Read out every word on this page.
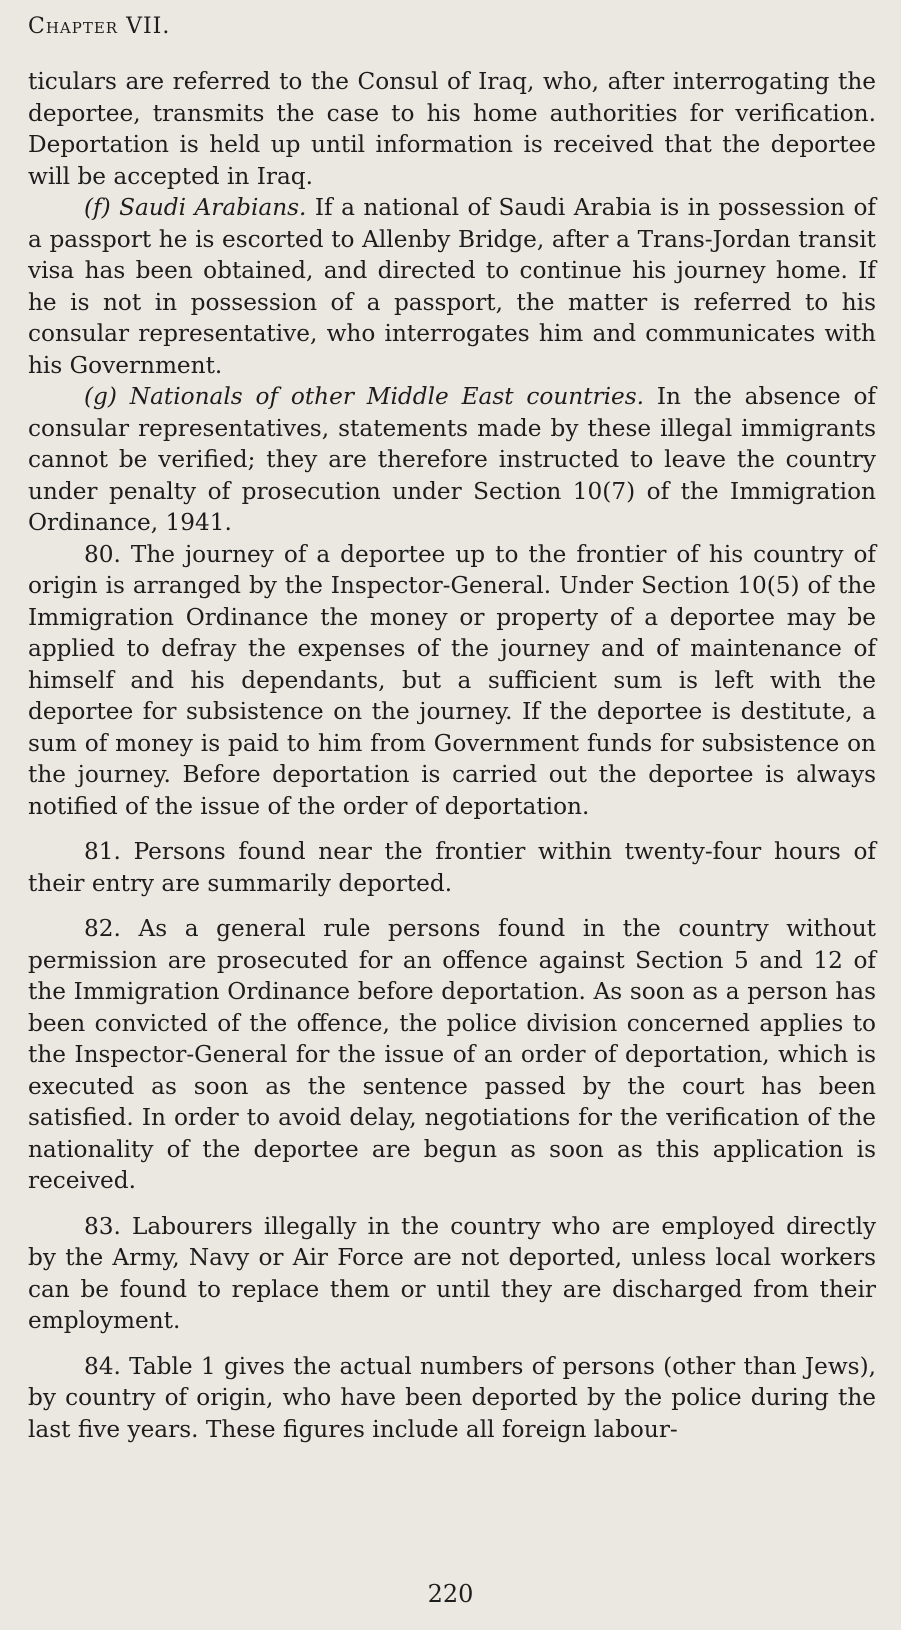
Chapter VII.

ticulars are referred to the Consul of Iraq, who, after interrogating the deportee, transmits the case to his home authorities for verification. Deportation is held up until information is received that the deportee will be accepted in Iraq.

(f) Saudi Arabians. If a national of Saudi Arabia is in possession of a passport he is escorted to Allenby Bridge, after a Trans-Jordan transit visa has been obtained, and directed to continue his journey home. If he is not in possession of a passport, the matter is referred to his consular representative, who interrogates him and communicates with his Government.

(g) Nationals of other Middle East countries. In the absence of consular representatives, statements made by these illegal immigrants cannot be verified; they are therefore instructed to leave the country under penalty of prosecution under Section 10(7) of the Immigration Ordinance, 1941.

80. The journey of a deportee up to the frontier of his country of origin is arranged by the Inspector-General. Under Section 10(5) of the Immigration Ordinance the money or property of a deportee may be applied to defray the expenses of the journey and of maintenance of himself and his dependants, but a sufficient sum is left with the deportee for subsistence on the journey. If the deportee is destitute, a sum of money is paid to him from Government funds for subsistence on the journey. Before deportation is carried out the deportee is always notified of the issue of the order of deportation.

81. Persons found near the frontier within twenty-four hours of their entry are summarily deported.

82. As a general rule persons found in the country without permission are prosecuted for an offence against Section 5 and 12 of the Immigration Ordinance before deportation. As soon as a person has been convicted of the offence, the police division concerned applies to the Inspector-General for the issue of an order of deportation, which is executed as soon as the sentence passed by the court has been satisfied. In order to avoid delay, negotiations for the verification of the nationality of the deportee are begun as soon as this application is received.

83. Labourers illegally in the country who are employed directly by the Army, Navy or Air Force are not deported, unless local workers can be found to replace them or until they are discharged from their employment.

84. Table 1 gives the actual numbers of persons (other than Jews), by country of origin, who have been deported by the police during the last five years. These figures include all foreign labour-

220
